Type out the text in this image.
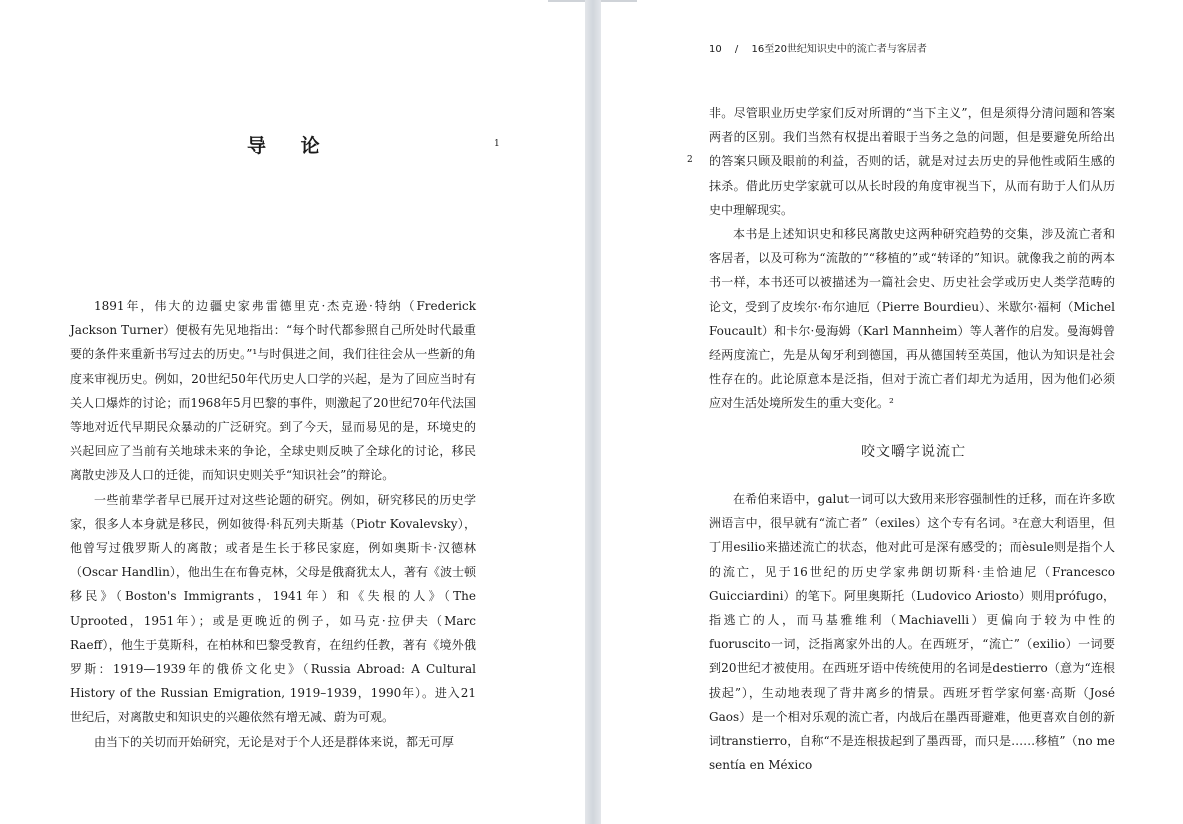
导 论	1

1891年，伟大的边疆史家弗雷德里克·杰克逊·特纳（Frederick Jackson Turner）便极有先见地指出：“每个时代都参照自己所处时代最重要的条件来重新书写过去的历史。”¹与时俱进之间，我们往往会从一些新的角度来审视历史。例如，20世纪50年代历史人口学的兴起，是为了回应当时有关人口爆炸的讨论；而1968年5月巴黎的事件，则激起了20世纪70年代法国等地对近代早期民众暴动的广泛研究。到了今天，显而易见的是，环境史的兴起回应了当前有关地球未来的争论，全球史则反映了全球化的讨论，移民离散史涉及人口的迁徙，而知识史则关乎“知识社会”的辩论。

一些前辈学者早已展开过对这些论题的研究。例如，研究移民的历史学家，很多人本身就是移民，例如彼得·科瓦列夫斯基（Piotr Kovalevsky），他曾写过俄罗斯人的离散；或者是生长于移民家庭，例如奥斯卡·汉德林（Oscar Handlin），他出生在布鲁克林，父母是俄裔犹太人，著有《波士顿移民》（Boston's Immigrants，1941年）和《失根的人》（The Uprooted，1951年）；或是更晚近的例子，如马克·拉伊夫（Marc Raeff），他生于莫斯科，在柏林和巴黎受教育，在纽约任教，著有《境外俄罗斯：1919—1939年的俄侨文化史》（Russia Abroad: A Cultural History of the Russian Emigration, 1919–1939，1990年）。进入21世纪后，对离散史和知识史的兴趣依然有增无减、蔚为可观。

由当下的关切而开始研究，无论是对于个人还是群体来说，都无可厚

10 / 16至20世纪知识史中的流亡者与客居者
2

非。尽管职业历史学家们反对所谓的“当下主义”，但是须得分清问题和答案两者的区别。我们当然有权提出着眼于当务之急的问题，但是要避免所给出的答案只顾及眼前的利益，否则的话，就是对过去历史的异他性或陌生感的抹杀。借此历史学家就可以从长时段的角度审视当下，从而有助于人们从历史中理解现实。

本书是上述知识史和移民离散史这两种研究趋势的交集，涉及流亡者和客居者，以及可称为“流散的”“移植的”或“转译的”知识。就像我之前的两本书一样，本书还可以被描述为一篇社会史、历史社会学或历史人类学范畴的论文，受到了皮埃尔·布尔迪厄（Pierre Bourdieu）、米歇尔·福柯（Michel Foucault）和卡尔·曼海姆（Karl Mannheim）等人著作的启发。曼海姆曾经两度流亡，先是从匈牙利到德国，再从德国转至英国，他认为知识是社会性存在的。此论原意本是泛指，但对于流亡者们却尤为适用，因为他们必须应对生活处境所发生的重大变化。²

咬文嚼字说流亡

在希伯来语中，galut一词可以大致用来形容强制性的迁移，而在许多欧洲语言中，很早就有“流亡者”（exiles）这个专有名词。³在意大利语里，但丁用esilio来描述流亡的状态，他对此可是深有感受的；而èsule则是指个人的流亡，见于16世纪的历史学家弗朗切斯科·圭恰迪尼（Francesco Guicciardini）的笔下。阿里奥斯托（Ludovico Ariosto）则用prófugo，指逃亡的人，而马基雅维利（Machiavelli）更偏向于较为中性的fuoruscito一词，泛指离家外出的人。在西班牙，“流亡”（exilio）一词要到20世纪才被使用。在西班牙语中传统使用的名词是destierro（意为“连根拔起”），生动地表现了背井离乡的情景。西班牙哲学家何塞·高斯（José Gaos）是一个相对乐观的流亡者，内战后在墨西哥避难，他更喜欢自创的新词transtierro，自称“不是连根拔起到了墨西哥，而只是……移植”（no me sentía en México
